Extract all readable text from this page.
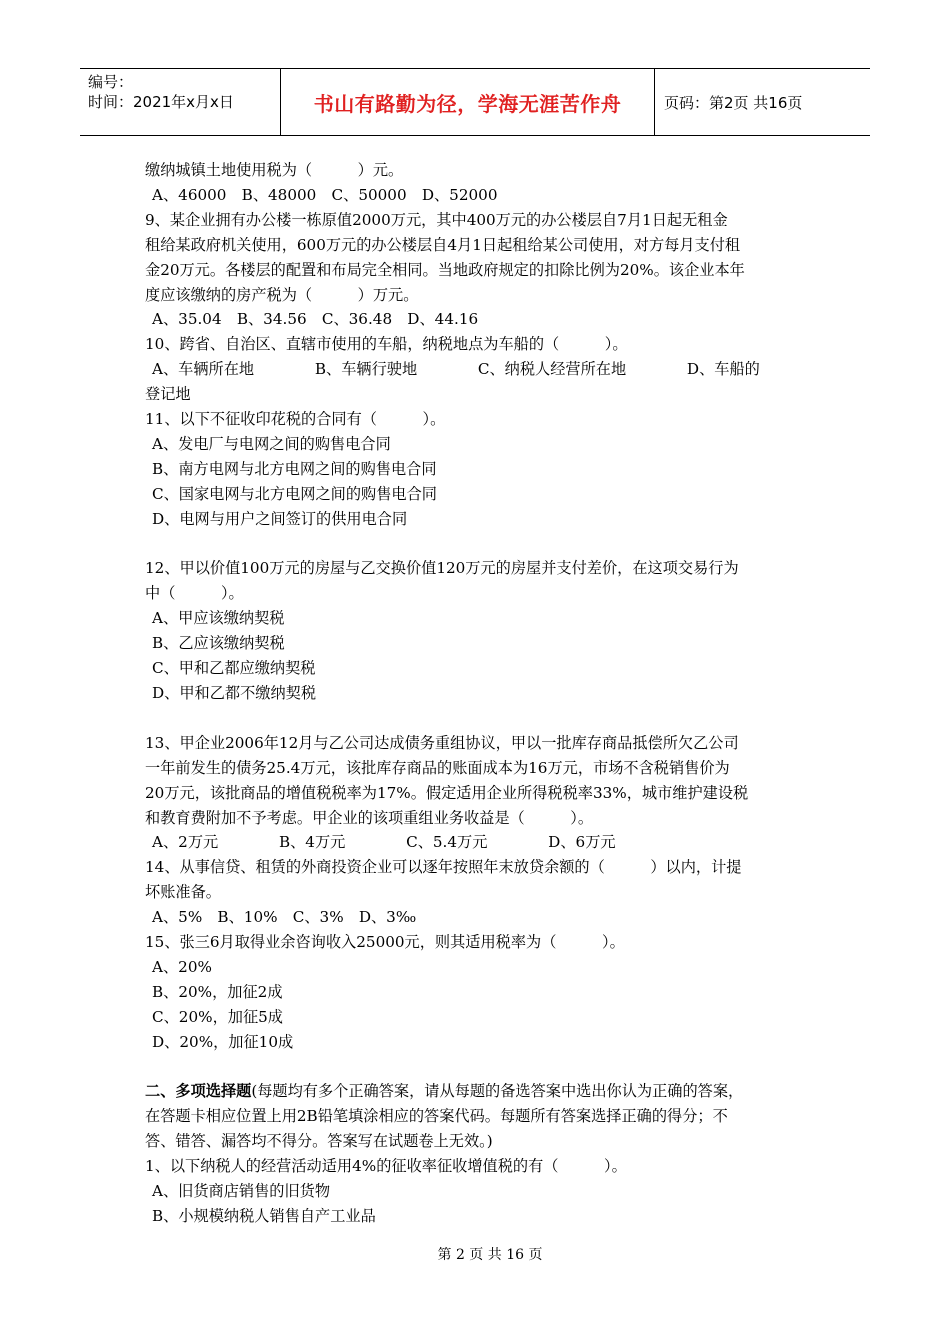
编号：
时间：2021年x月x日	书山有路勤为径，学海无涯苦作舟	页码：第2页 共16页

缴纳城镇土地使用税为（　　　）元。

A、46000　B、48000　C、50000　D、52000

9、某企业拥有办公楼一栋原值2000万元，其中400万元的办公楼层自7月1日起无租金

租给某政府机关使用，600万元的办公楼层自4月1日起租给某公司使用，对方每月支付租

金20万元。各楼层的配置和布局完全相同。当地政府规定的扣除比例为20%。该企业本年

度应该缴纳的房产税为（　　　）万元。

A、35.04　B、34.56　C、36.48　D、44.16

10、跨省、自治区、直辖市使用的车船，纳税地点为车船的（　　　）。

A、车辆所在地　　　　B、车辆行驶地　　　　C、纳税人经营所在地　　　　D、车船的

登记地

11、以下不征收印花税的合同有（　　　）。

A、发电厂与电网之间的购售电合同

B、南方电网与北方电网之间的购售电合同

C、国家电网与北方电网之间的购售电合同

D、电网与用户之间签订的供用电合同

12、甲以价值100万元的房屋与乙交换价值120万元的房屋并支付差价，在这项交易行为

中（　　　）。

A、甲应该缴纳契税

B、乙应该缴纳契税

C、甲和乙都应缴纳契税

D、甲和乙都不缴纳契税

13、甲企业2006年12月与乙公司达成债务重组协议，甲以一批库存商品抵偿所欠乙公司

一年前发生的债务25.4万元，该批库存商品的账面成本为16万元，市场不含税销售价为

20万元，该批商品的增值税税率为17%。假定适用企业所得税税率33%，城市维护建设税

和教育费附加不予考虑。甲企业的该项重组业务收益是（　　　）。

A、2万元　　　　B、4万元　　　　C、5.4万元　　　　D、6万元

14、从事信贷、租赁的外商投资企业可以逐年按照年末放贷余额的（　　　）以内，计提

坏账准备。

A、5%　B、10%　C、3%　D、3‰

15、张三6月取得业余咨询收入25000元，则其适用税率为（　　　）。

A、20%

B、20%，加征2成

C、20%，加征5成

D、20%，加征10成

二、多项选择题(每题均有多个正确答案，请从每题的备选答案中选出你认为正确的答案，

在答题卡相应位置上用2B铅笔填涂相应的答案代码。每题所有答案选择正确的得分；不

答、错答、漏答均不得分。答案写在试题卷上无效。)

1、以下纳税人的经营活动适用4%的征收率征收增值税的有（　　　）。

A、旧货商店销售的旧货物

B、小规模纳税人销售自产工业品

第 2 页 共 16 页
